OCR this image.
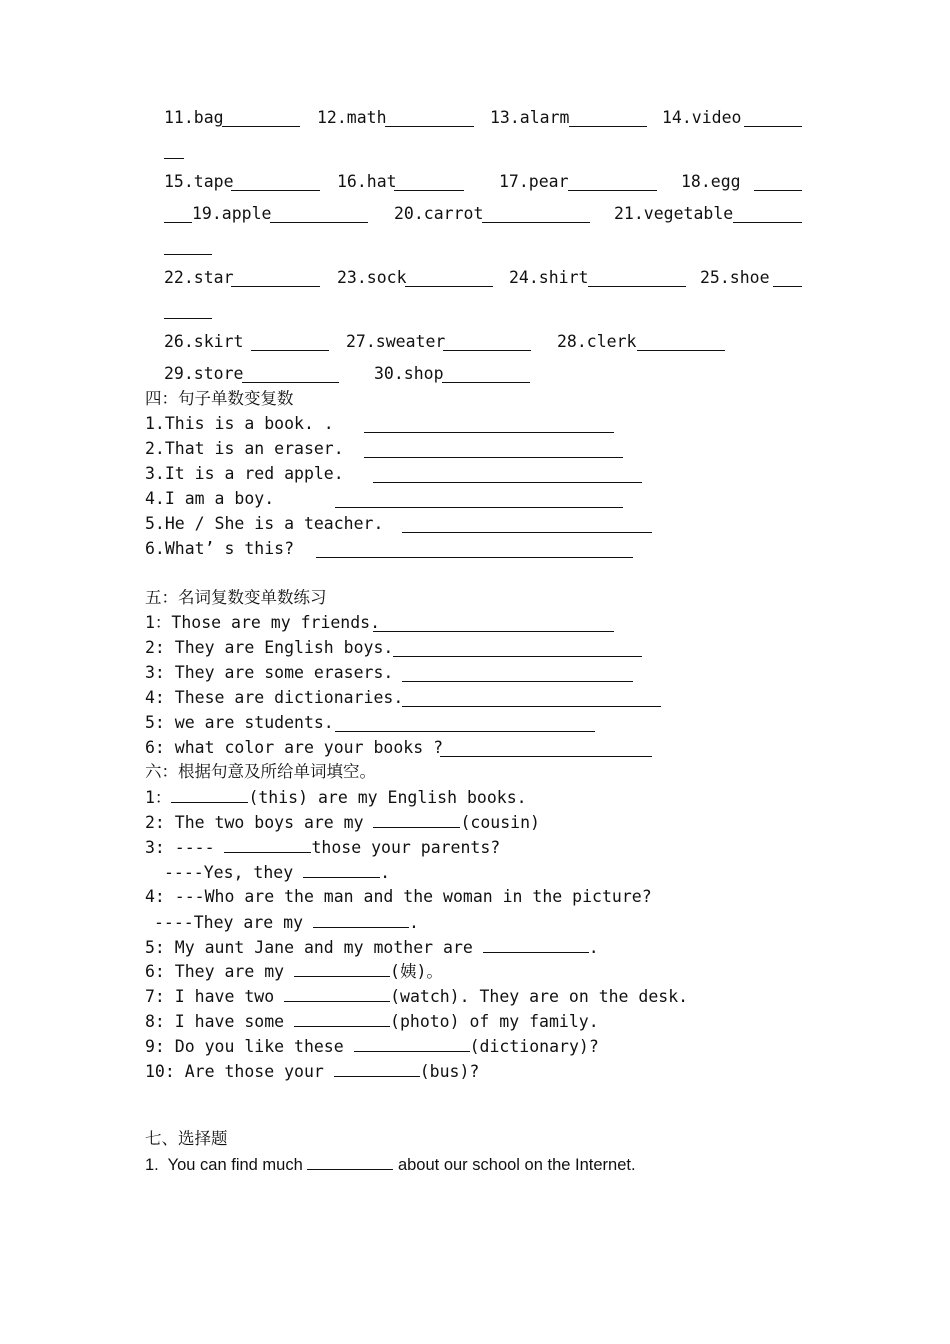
11.bag	12.math	13.alarm	14.video
15.tape	16.hat	17.pear	18.egg
19.apple	20.carrot	21.vegetable
22.star	23.sock	24.shirt	25.shoe
26.skirt	27.sweater	28.clerk
29.store	30.shop
四：句子单数变复数
1.This is a book. .
2.That is an eraser.
3.It is a red apple.
4.I am a boy.
5.He / She is a teacher.
6.What’ s this?
五：名词复数变单数练习
1：Those are my friends.
2: They are English boys.
3: They are some erasers.
4: These are dictionaries.
5: we are students.
6: what color are your books ?
六：根据句意及所给单词填空。
1：	(this) are my English books.
2: The two boys are my	(cousin)
3: ----	those your parents?
----Yes, they	.
4: ---Who are the man and the woman in the picture?
----They are my	.
5: My aunt Jane and my mother are	.
6: They are my	(姨)。
7: I have two	(watch). They are on the desk.
8: I have some	(photo) of my family.
9: Do you like these	(dictionary)?
10: Are those your	(bus)?
七、选择题
1.  You can find much	about our school on the Internet.
